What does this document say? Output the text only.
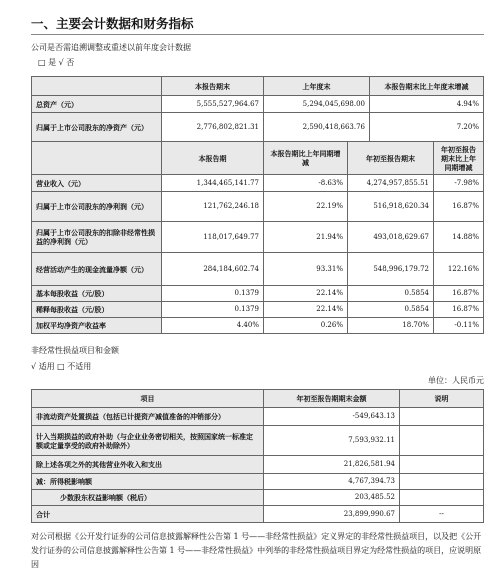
一、主要会计数据和财务指标
公司是否需追溯调整或重述以前年度会计数据
□ 是 √ 否
	本报告期末	上年度末	本报告期末比上年度末增减
总资产（元）	5,555,527,964.67	5,294,045,698.00	4.94%
归属于上市公司股东的净资产（元）	2,776,802,821.31	2,590,418,663.76	7.20%
	本报告期	本报告期比上年同期增减	年初至报告期末	年初至报告期末比上年同期增减
营业收入（元）	1,344,465,141.77	-8.63%	4,274,957,855.51	-7.98%
归属于上市公司股东的净利润（元）	121,762,246.18	22.19%	516,918,620.34	16.87%
归属于上市公司股东的扣除非经常性损益的净利润（元）	118,017,649.77	21.94%	493,018,629.67	14.88%
经营活动产生的现金流量净额（元）	284,184,602.74	93.31%	548,996,179.72	122.16%
基本每股收益（元/股）	0.1379	22.14%	0.5854	16.87%
稀释每股收益（元/股）	0.1379	22.14%	0.5854	16.87%
加权平均净资产收益率	4.40%	0.26%	18.70%	-0.11%
非经常性损益项目和金额
√ 适用 □ 不适用
单位：人民币元
项目	年初至报告期期末金额	说明
非流动资产处置损益（包括已计提资产减值准备的冲销部分）	-549,643.13	
计入当期损益的政府补助（与企业业务密切相关，按照国家统一标准定额或定量享受的政府补助除外）	7,593,932.11	
除上述各项之外的其他营业外收入和支出	21,826,581.94	
减：所得税影响额	4,767,394.73	
少数股东权益影响额（税后）	203,485.52	
合计	23,899,990.67	--
对公司根据《公开发行证券的公司信息披露解释性公告第 1 号——非经常性损益》定义界定的非经常性损益项目，以及把《公开发行证券的公司信息披露解释性公告第 1 号——非经常性损益》中列举的非经常性损益项目界定为经常性损益的项目，应说明原因
